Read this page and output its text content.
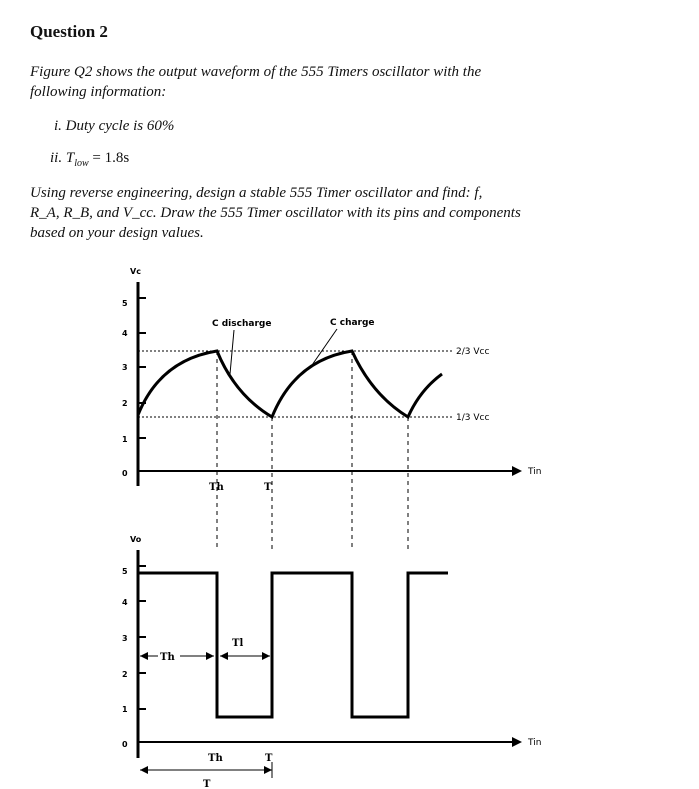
Question 2
Figure Q2 shows the output waveform of the 555 Timers oscillator with the
following information:
i. Duty cycle is 60%
ii. $T_{low} = 1.8s$
Using reverse engineering, design a stable 555 Timer oscillator and find: f,
R_A, R_B, and V_cc. Draw the 555 Timer oscillator with its pins and components
based on your design values.
Vc
5
4
3
2
1
0	Tin
2/3 Vcc
1/3 Vcc
C discharge	C charge
Th	T
Vo
5
4
3
2
1
0	Tin
Th
Tl
Th	T
T
